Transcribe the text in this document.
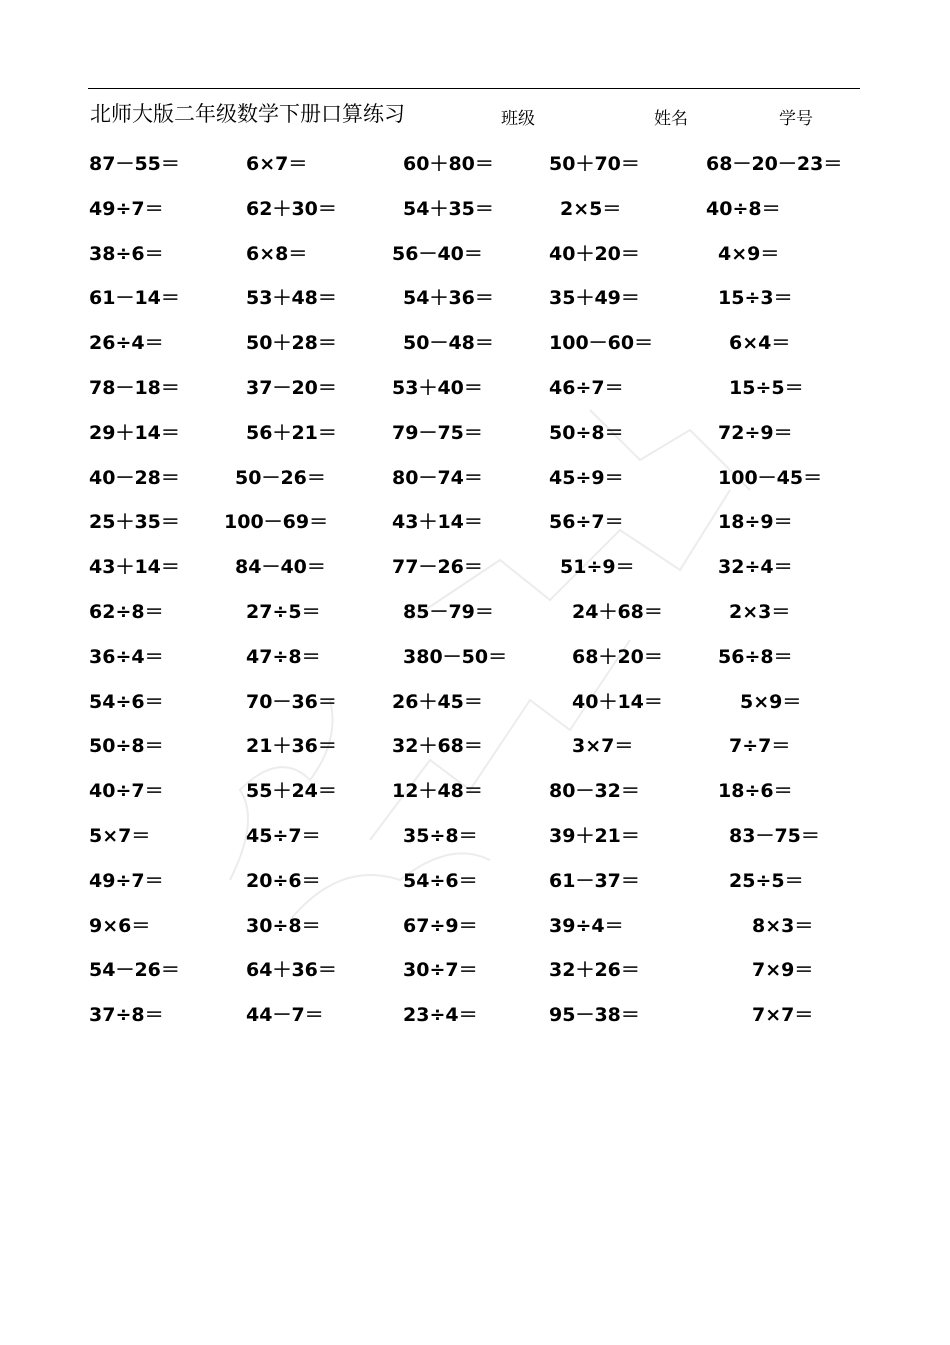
北师大版二年级数学下册口算练习	班级	姓名	学号
87－55＝	6×7＝	60＋80＝	50＋70＝	68－20－23＝
49÷7＝	62＋30＝	54＋35＝	2×5＝	40÷8＝
38÷6＝	6×8＝	56－40＝	40＋20＝	4×9＝
61－14＝	53＋48＝	54＋36＝	35＋49＝	15÷3＝
26÷4＝	50＋28＝	50－48＝	100－60＝	6×4＝
78－18＝	37－20＝	53＋40＝	46÷7＝	15÷5＝
29＋14＝	56＋21＝	79－75＝	50÷8＝	72÷9＝
40－28＝	50－26＝	80－74＝	45÷9＝	100－45＝
25＋35＝ 100－69＝	43＋14＝	56÷7＝	18÷9＝
43＋14＝	84－40＝	77－26＝	51÷9＝	32÷4＝
62÷8＝	27÷5＝	85－79＝	24＋68＝	2×3＝
36÷4＝	47÷8＝	380－50＝	68＋20＝	56÷8＝
54÷6＝	70－36＝	26＋45＝	40＋14＝	5×9＝
50÷8＝	21＋36＝	32＋68＝	3×7＝	7÷7＝
40÷7＝	55＋24＝	12＋48＝	80－32＝	18÷6＝
5×7＝	45÷7＝	35÷8＝	39＋21＝	83－75＝
49÷7＝	20÷6＝	54÷6＝	61－37＝	25÷5＝
9×6＝	30÷8＝	67÷9＝	39÷4＝	8×3＝
54－26＝	64＋36＝	30÷7＝	32＋26＝	7×9＝
37÷8＝	44－7＝	23÷4＝	95－38＝	7×7＝
